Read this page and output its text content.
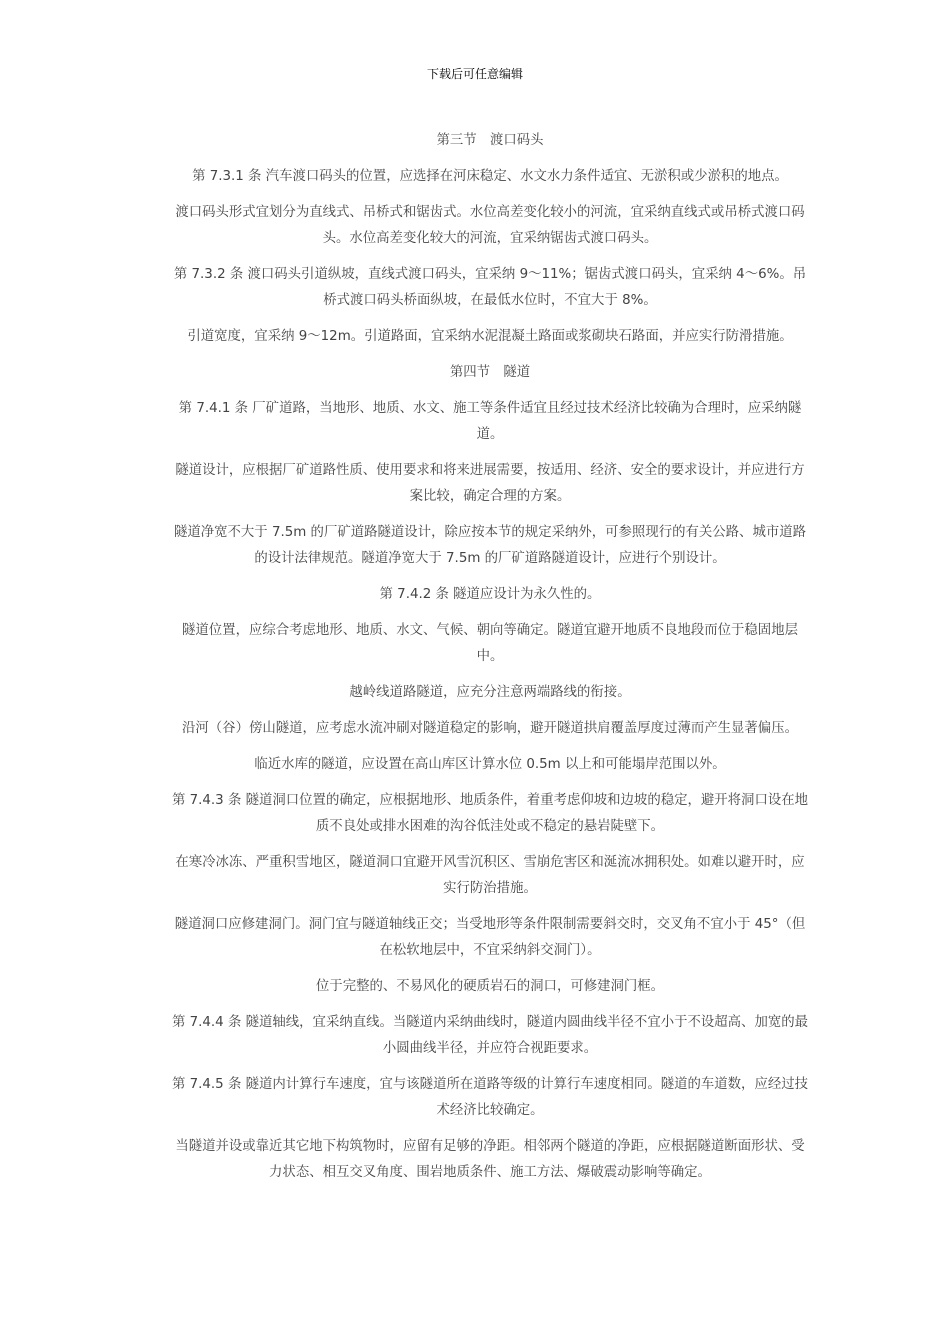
下载后可任意编辑

第三节　渡口码头

第 7.3.1 条 汽车渡口码头的位置，应选择在河床稳定、水文水力条件适宜、无淤积或少淤积的地点。

渡口码头形式宜划分为直线式、吊桥式和锯齿式。水位高差变化较小的河流，宜采纳直线式或吊桥式渡口码头。水位高差变化较大的河流，宜采纳锯齿式渡口码头。

第 7.3.2 条 渡口码头引道纵坡，直线式渡口码头，宜采纳 9～11%；锯齿式渡口码头，宜采纳 4～6%。吊桥式渡口码头桥面纵坡，在最低水位时，不宜大于 8%。

引道宽度，宜采纳 9～12m。引道路面，宜采纳水泥混凝土路面或浆砌块石路面，并应实行防滑措施。

第四节　隧道

第 7.4.1 条 厂矿道路，当地形、地质、水文、施工等条件适宜且经过技术经济比较确为合理时，应采纳隧道。

隧道设计，应根据厂矿道路性质、使用要求和将来进展需要，按适用、经济、安全的要求设计，并应进行方案比较，确定合理的方案。

隧道净宽不大于 7.5m 的厂矿道路隧道设计，除应按本节的规定采纳外，可参照现行的有关公路、城市道路的设计法律规范。隧道净宽大于 7.5m 的厂矿道路隧道设计，应进行个别设计。

第 7.4.2 条 隧道应设计为永久性的。

隧道位置，应综合考虑地形、地质、水文、气候、朝向等确定。隧道宜避开地质不良地段而位于稳固地层中。

越岭线道路隧道，应充分注意两端路线的衔接。

沿河（谷）傍山隧道，应考虑水流冲刷对隧道稳定的影响，避开隧道拱肩覆盖厚度过薄而产生显著偏压。

临近水库的隧道，应设置在高山库区计算水位 0.5m 以上和可能塌岸范围以外。

第 7.4.3 条 隧道洞口位置的确定，应根据地形、地质条件，着重考虑仰坡和边坡的稳定，避开将洞口设在地质不良处或排水困难的沟谷低洼处或不稳定的悬岩陡壁下。

在寒冷冰冻、严重积雪地区，隧道洞口宜避开风雪沉积区、雪崩危害区和涎流冰拥积处。如难以避开时，应实行防治措施。

隧道洞口应修建洞门。洞门宜与隧道轴线正交；当受地形等条件限制需要斜交时，交叉角不宜小于 45°（但在松软地层中，不宜采纳斜交洞门）。

位于完整的、不易风化的硬质岩石的洞口，可修建洞门框。

第 7.4.4 条 隧道轴线，宜采纳直线。当隧道内采纳曲线时，隧道内圆曲线半径不宜小于不设超高、加宽的最小圆曲线半径，并应符合视距要求。

第 7.4.5 条 隧道内计算行车速度，宜与该隧道所在道路等级的计算行车速度相同。隧道的车道数，应经过技术经济比较确定。

当隧道并设或靠近其它地下构筑物时，应留有足够的净距。相邻两个隧道的净距，应根据隧道断面形状、受力状态、相互交叉角度、围岩地质条件、施工方法、爆破震动影响等确定。
